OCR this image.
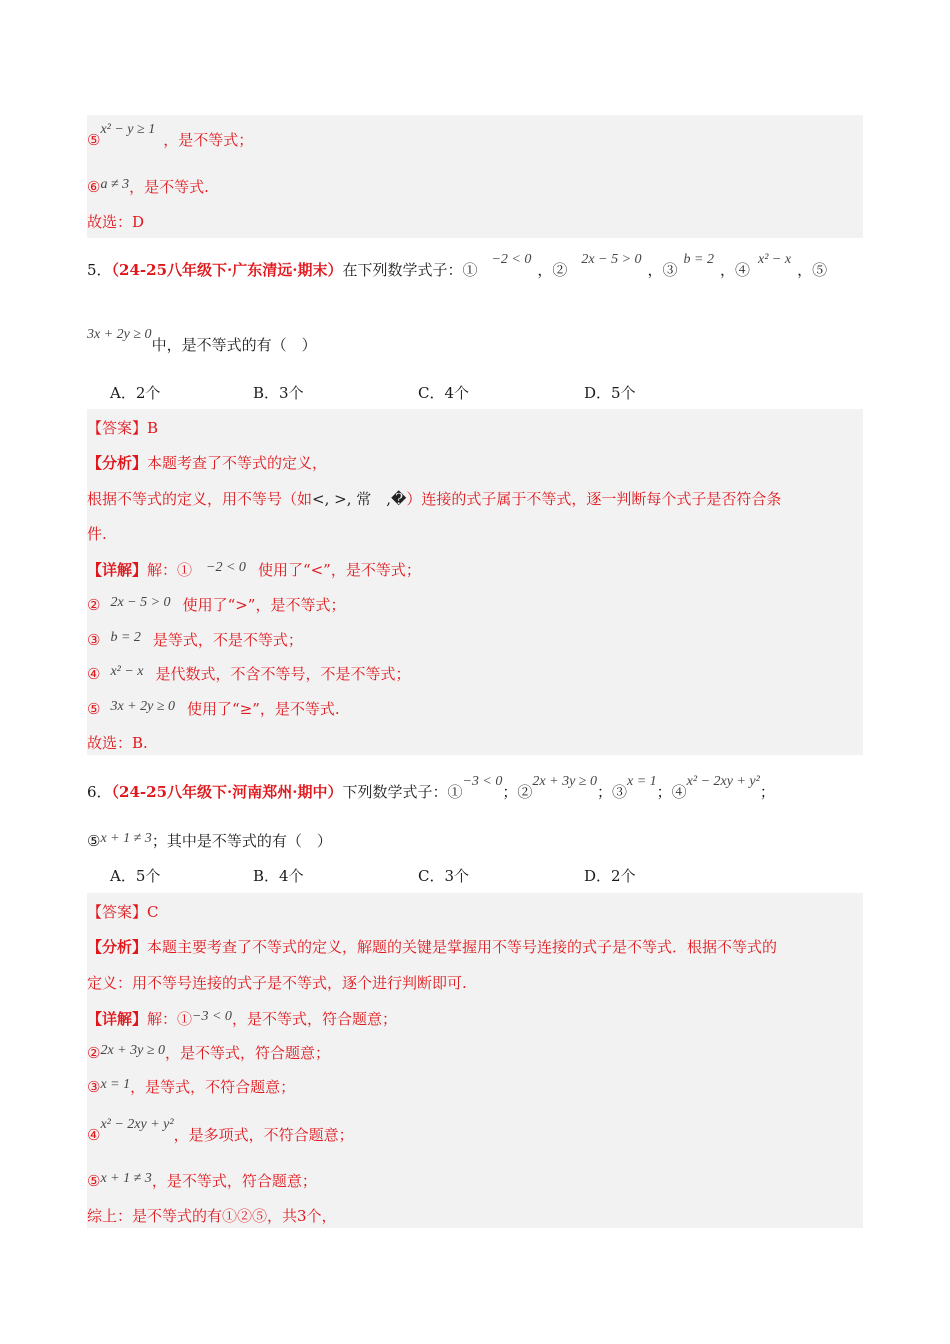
⑤x² − y ≥ 1，是不等式；
⑥a ≠ 3，是不等式.
故选：D
5．（24-25八年级下·广东清远·期末）在下列数学式子：①−2 < 0，②2x − 5 > 0，③b = 2，④x² − x，⑤
3x + 2y ≥ 0中，是不等式的有（　）
A．2个	B．3个	C．4个	D．5个
【答案】B
【分析】本题考查了不等式的定义，
根据不等式的定义，用不等号（如<, >, 常　,�）连接的式子属于不等式，逐一判断每个式子是否符合条
件.
【详解】解：① −2 < 0 使用了“<”，是不等式；
② 2x − 5 > 0 使用了“>”，是不等式；
③ b = 2 是等式，不是不等式；
④ x² − x 是代数式，不含不等号，不是不等式；
⑤ 3x + 2y ≥ 0 使用了“≥”，是不等式.
故选：B.
6．（24-25八年级下·河南郑州·期中）下列数学式子：①−3 < 0；②2x + 3y ≥ 0；③x = 1；④x² − 2xy + y²；
⑤x + 1 ≠ 3；其中是不等式的有（　）
A．5个	B．4个	C．3个	D．2个
【答案】C
【分析】本题主要考查了不等式的定义，解题的关键是掌握用不等号连接的式子是不等式．根据不等式的
定义：用不等号连接的式子是不等式，逐个进行判断即可.
【详解】解：①−3 < 0，是不等式，符合题意；
②2x + 3y ≥ 0，是不等式，符合题意；
③x = 1，是等式，不符合题意；
④x² − 2xy + y²，是多项式，不符合题意；
⑤x + 1 ≠ 3，是不等式，符合题意；
综上：是不等式的有①②⑤，共3个，
